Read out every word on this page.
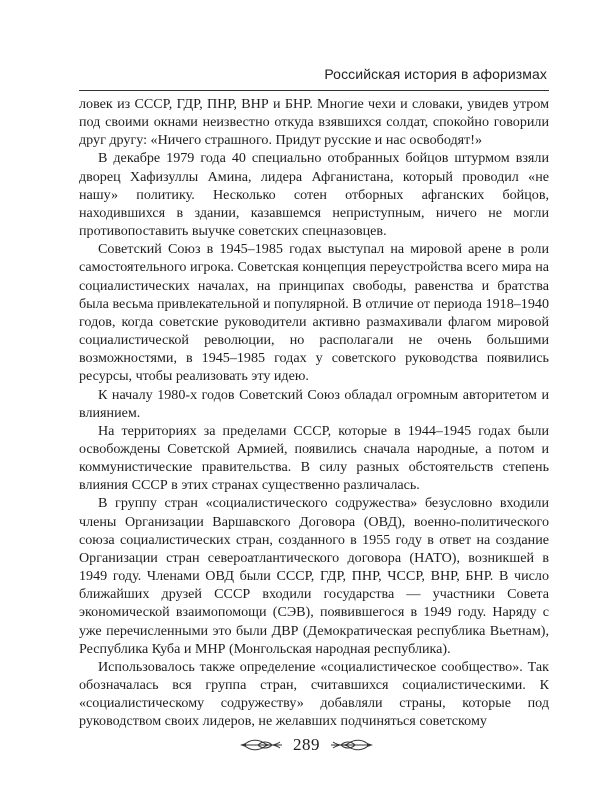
Российская история в афоризмах

ловек из СССР, ГДР, ПНР, ВНР и БНР. Многие чехи и словаки, увидев утром под своими окнами неизвестно откуда взявшихся солдат, спокойно говорили друг другу: «Ничего страшного. Придут русские и нас освободят!»

В декабре 1979 года 40 специально отобранных бойцов штурмом взяли дворец Хафизуллы Амина, лидера Афганистана, который проводил «не нашу» политику. Несколько сотен отборных афганских бойцов, находившихся в здании, казавшемся неприступным, ничего не могли противопоставить выучке советских спецназовцев.

Советский Союз в 1945–1985 годах выступал на мировой арене в роли самостоятельного игрока. Советская концепция переустройства всего мира на социалистических началах, на принципах свободы, равенства и братства была весьма привлекательной и популярной. В отличие от периода 1918–1940 годов, когда советские руководители активно размахивали флагом мировой социалистической революции, но располагали не очень большими возможностями, в 1945–1985 годах у советского руководства появились ресурсы, чтобы реализовать эту идею.

К началу 1980-х годов Советский Союз обладал огромным авторитетом и влиянием.

На территориях за пределами СССР, которые в 1944–1945 годах были освобождены Советской Армией, появились сначала народные, а потом и коммунистические правительства. В силу разных обстоятельств степень влияния СССР в этих странах существенно различалась.

В группу стран «социалистического содружества» безусловно входили члены Организации Варшавского Договора (ОВД), военно-политического союза социалистических стран, созданного в 1955 году в ответ на создание Организации стран североатлантического договора (НАТО), возникшей в 1949 году. Членами ОВД были СССР, ГДР, ПНР, ЧССР, ВНР, БНР. В число ближайших друзей СССР входили государства — участники Совета экономической взаимопомощи (СЭВ), появившегося в 1949 году. Наряду с уже перечисленными это были ДВР (Демократическая республика Вьетнам), Республика Куба и МНР (Монгольская народная республика).

Использовалось также определение «социалистическое сообщество». Так обозначалась вся группа стран, считавшихся социалистическими. К «социалистическому содружеству» добавляли страны, которые под руководством своих лидеров, не желавших подчиняться советскому

289
